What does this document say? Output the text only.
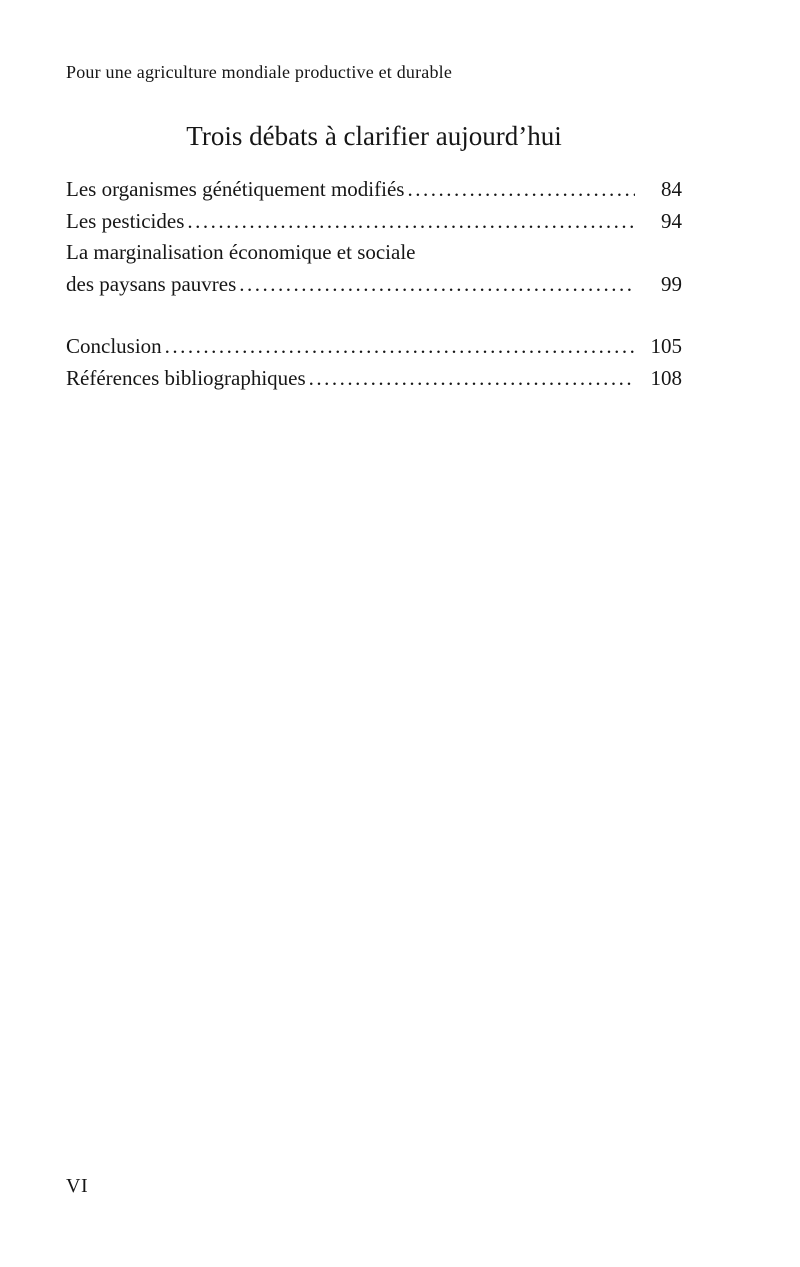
Pour une agriculture mondiale productive et durable
Trois débats à clarifier aujourd’hui
Les organismes génétiquement modifiés .....	84
Les pesticides .....	94
La marginalisation économique et sociale
des paysans pauvres .....	99
Conclusion .....	105
Références bibliographiques .....	108
VI
